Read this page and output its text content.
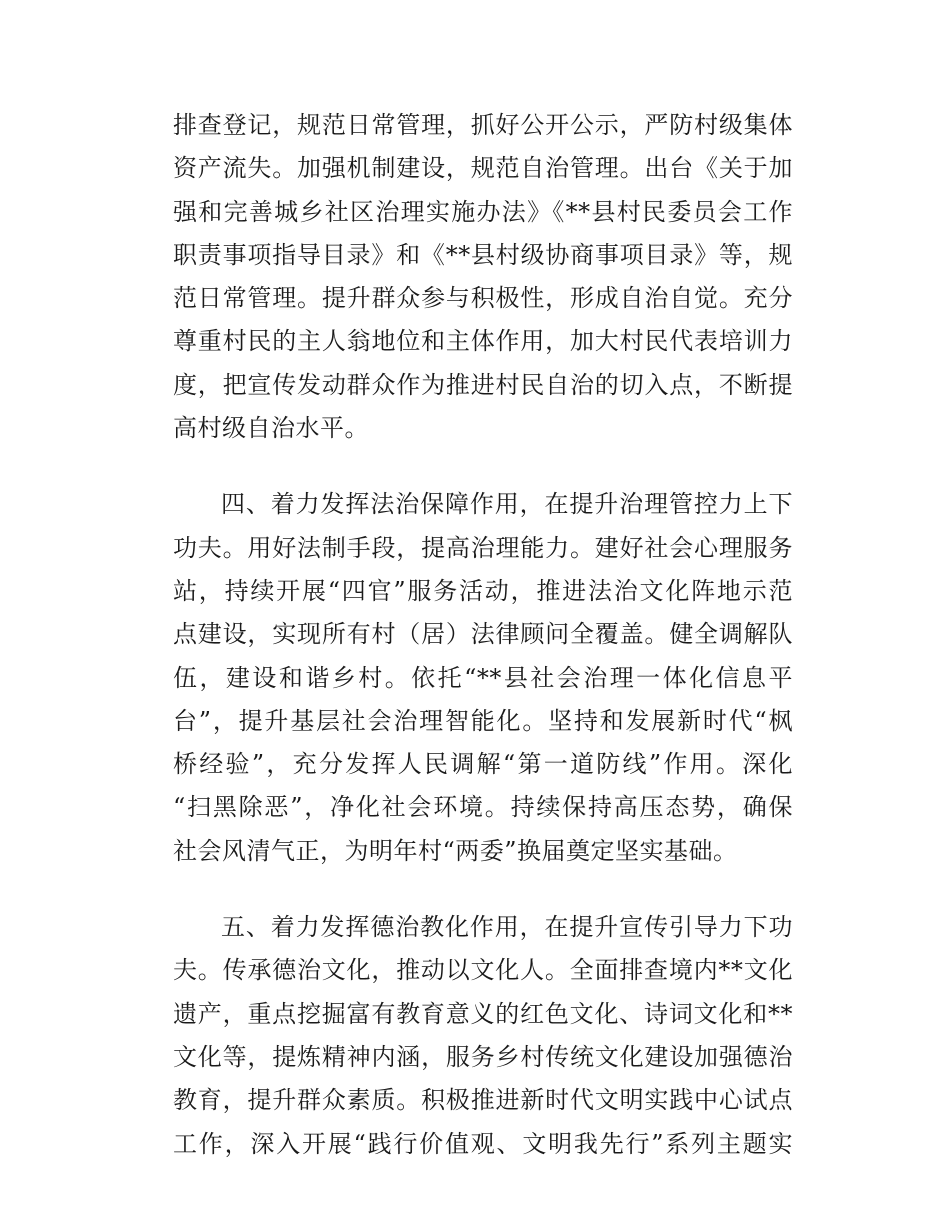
排查登记，规范日常管理，抓好公开公示，严防村级集体
资产流失。加强机制建设，规范自治管理。出台《关于加
强和完善城乡社区治理实施办法》《**县村民委员会工作
职责事项指导目录》和《**县村级协商事项目录》等，规
范日常管理。提升群众参与积极性，形成自治自觉。充分
尊重村民的主人翁地位和主体作用，加大村民代表培训力
度，把宣传发动群众作为推进村民自治的切入点，不断提
高村级自治水平。
四、着力发挥法治保障作用，在提升治理管控力上下
功夫。用好法制手段，提高治理能力。建好社会心理服务
站，持续开展“四官”服务活动，推进法治文化阵地示范
点建设，实现所有村（居）法律顾问全覆盖。健全调解队
伍，建设和谐乡村。依托“**县社会治理一体化信息平
台”，提升基层社会治理智能化。坚持和发展新时代“枫
桥经验”，充分发挥人民调解“第一道防线”作用。深化
“扫黑除恶”，净化社会环境。持续保持高压态势，确保
社会风清气正，为明年村“两委”换届奠定坚实基础。
五、着力发挥德治教化作用，在提升宣传引导力下功
夫。传承德治文化，推动以文化人。全面排查境内**文化
遗产，重点挖掘富有教育意义的红色文化、诗词文化和**
文化等，提炼精神内涵，服务乡村传统文化建设加强德治
教育，提升群众素质。积极推进新时代文明实践中心试点
工作，深入开展“践行价值观、文明我先行”系列主题实
